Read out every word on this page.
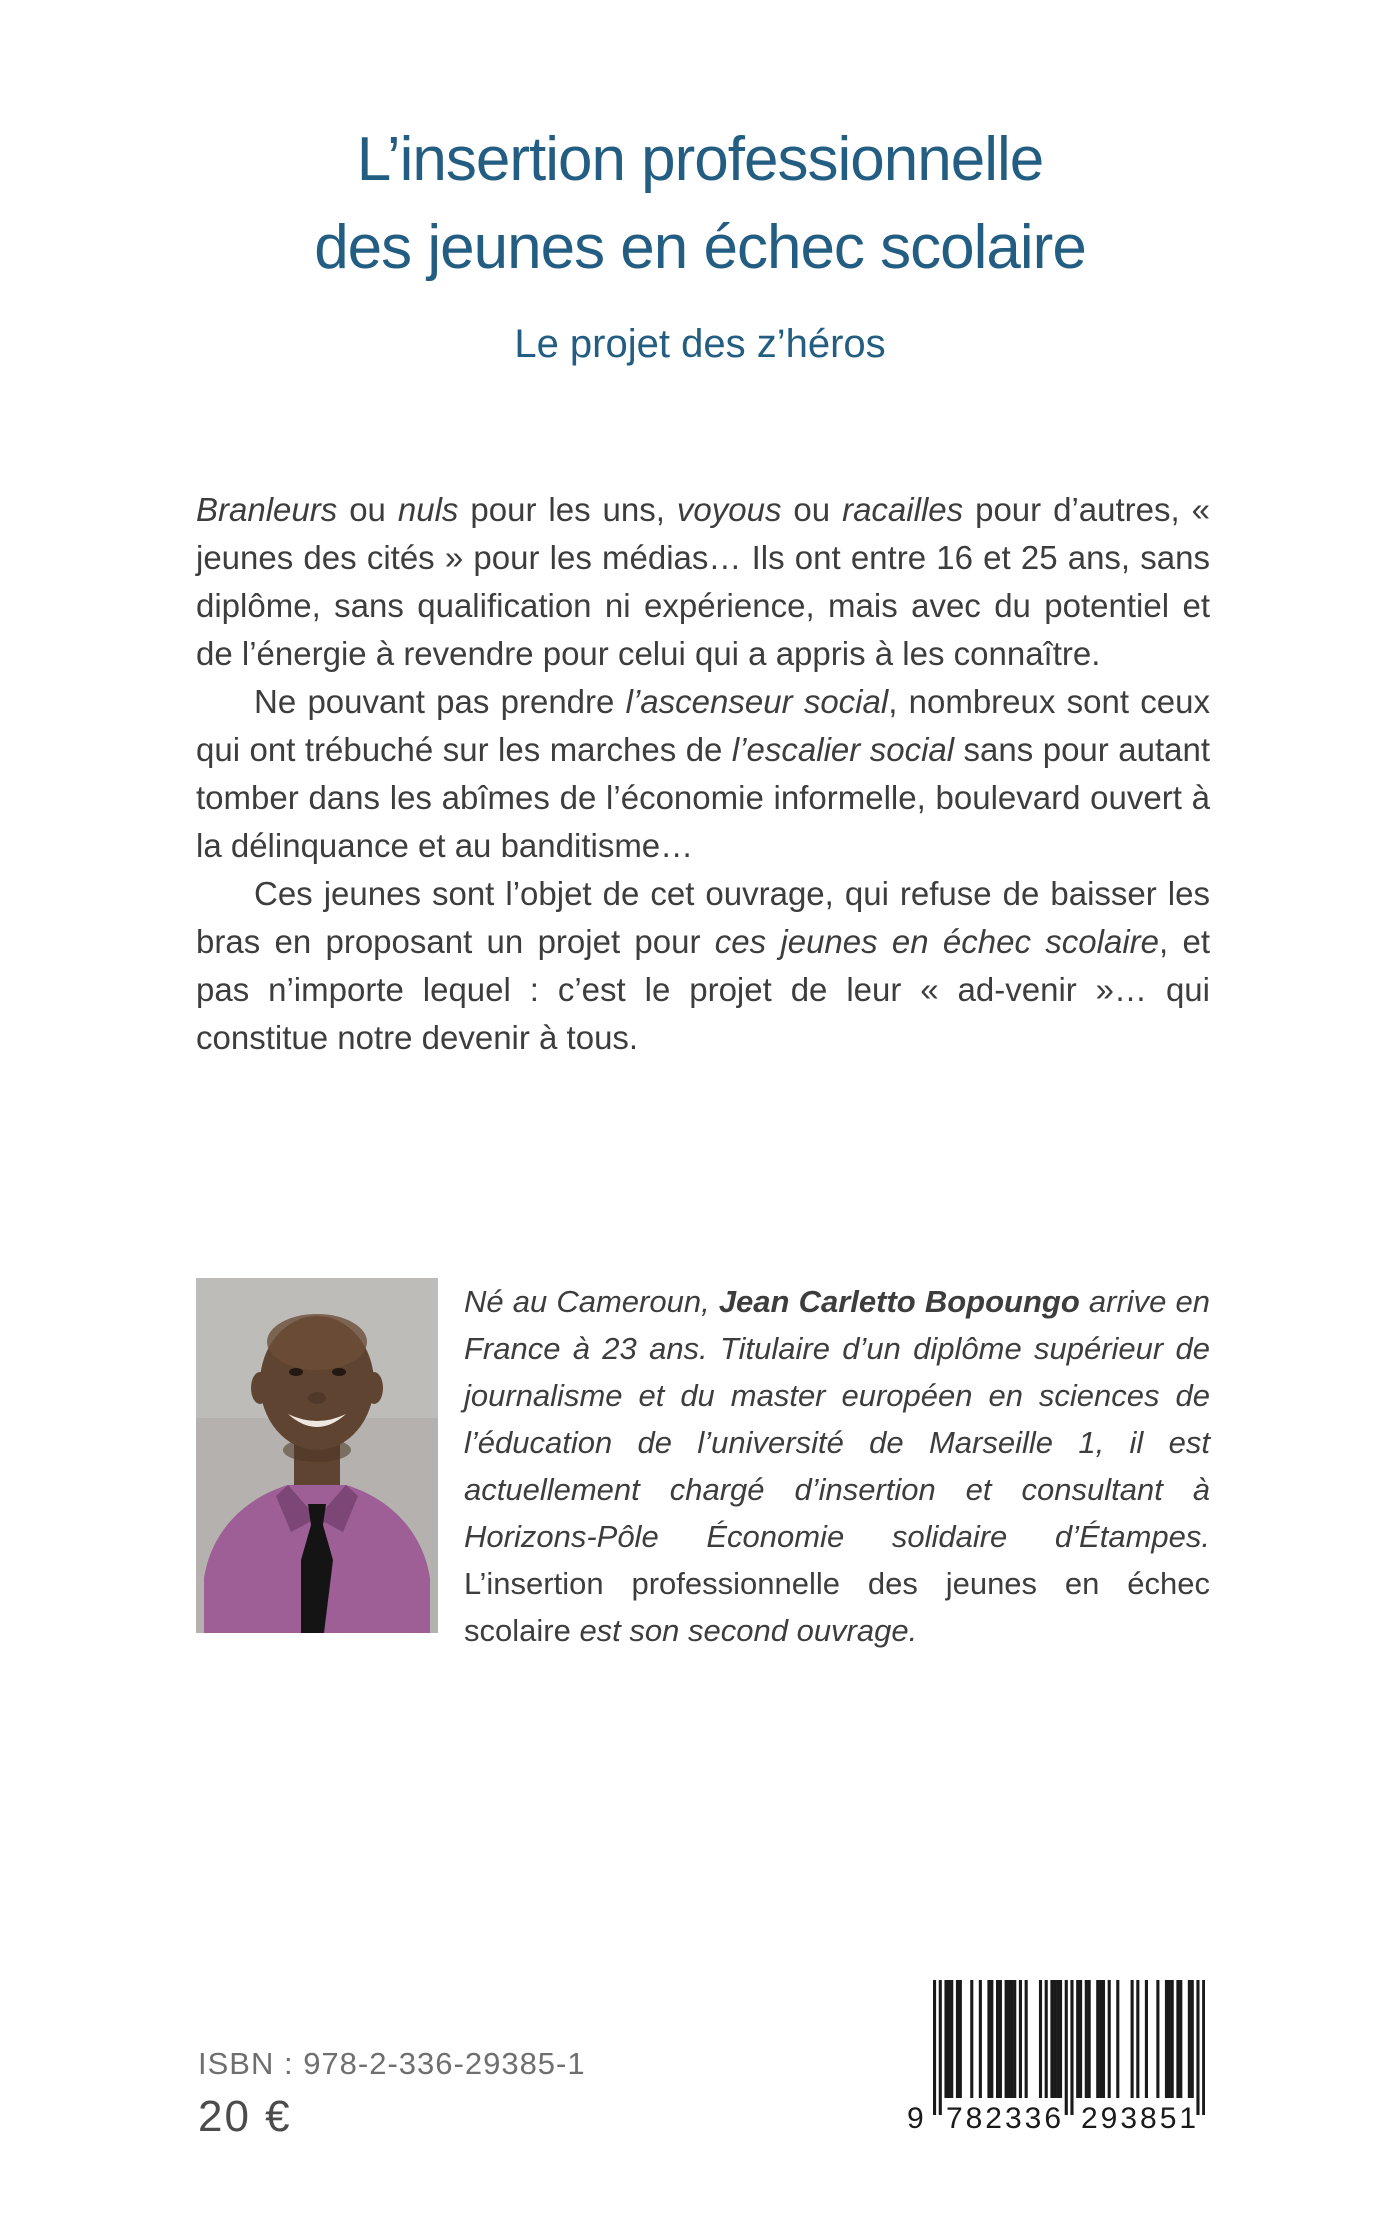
L’insertion professionnelle
des jeunes en échec scolaire
Le projet des z’héros

Branleurs ou nuls pour les uns, voyous ou racailles pour d’autres, « jeunes des cités » pour les médias… Ils ont entre 16 et 25 ans, sans diplôme, sans qualification ni expérience, mais avec du potentiel et de l’énergie à revendre pour celui qui a appris à les connaître.

Ne pouvant pas prendre l’ascenseur social, nombreux sont ceux qui ont trébuché sur les marches de l’escalier social sans pour autant tomber dans les abîmes de l’économie informelle, boulevard ouvert à la délinquance et au banditisme…

Ces jeunes sont l’objet de cet ouvrage, qui refuse de baisser les bras en proposant un projet pour ces jeunes en échec scolaire, et pas n’importe lequel : c’est le projet de leur « ad-venir »… qui constitue notre devenir à tous.

Né au Cameroun, Jean Carletto Bopoungo arrive en France à 23 ans. Titulaire d’un diplôme supérieur de journalisme et du master européen en sciences de l’éducation de l’université de Marseille 1, il est actuellement chargé d’insertion et consultant à Horizons-Pôle Économie solidaire d’Étampes. L’insertion professionnelle des jeunes en échec scolaire est son second ouvrage.

ISBN : 978-2-336-29385-1
20 €	9 782336 293851
